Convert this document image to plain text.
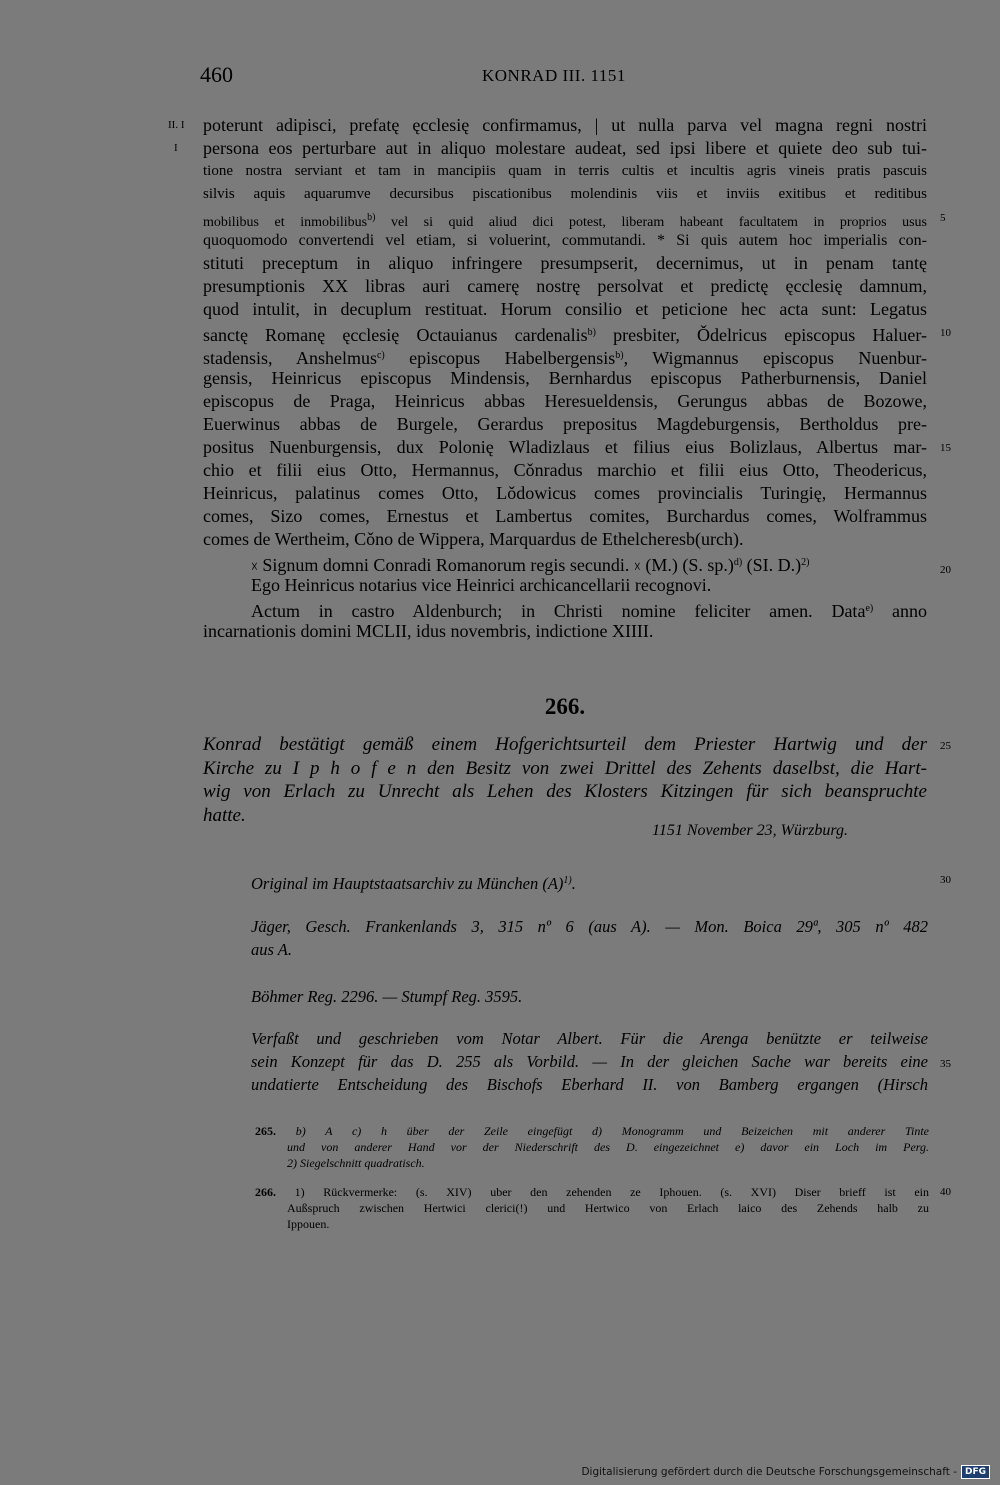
460	KONRAD III. 1151
II. I
I
5
10
15
20
25
30
35
40
poterunt adipisci, prefatę ęcclesię confirmamus, | ut nulla parva vel magna regni nostri
persona eos perturbare aut in aliquo molestare audeat, sed ipsi libere et quiete deo sub tui-
tione nostra serviant et tam in mancipiis quam in terris cultis et incultis agris vineis pratis pascuis
silvis aquis aquarumve decursibus piscationibus molendinis viis et inviis exitibus et reditibus
mobilibus et inmobilibus$^{b)}$ vel si quid aliud dici potest, liberam habeant facultatem in proprios usus
quoquomodo convertendi vel etiam, si voluerint, commutandi. * Si quis autem hoc imperialis con-
stituti preceptum in aliquo infringere presumpserit, decernimus, ut in penam tantę
presumptionis XX libras auri camerę nostrę persolvat et predictę ęcclesię damnum,
quod intulit, in decuplum restituat. Horum consilio et peticione hec acta sunt: Legatus
sanctę Romanę ęcclesię Octauianus cardenalis$^{b)}$ presbiter, Ǒdelricus episcopus Haluer-
stadensis, Anshelmus$^{c)}$ episcopus Habelbergensis$^{b)}$, Wigmannus episcopus Nuenbur-
gensis, Heinricus episcopus Mindensis, Bernhardus episcopus Patherburnensis, Daniel
episcopus de Praga, Heinricus abbas Heresueldensis, Gerungus abbas de Bozowe,
Euerwinus abbas de Burgele, Gerardus prepositus Magdeburgensis, Bertholdus pre-
positus Nuenburgensis, dux Polonię Wladizlaus et filius eius Bolizlaus, Albertus mar-
chio et filii eius Otto, Hermannus, Cǒnradus marchio et filii eius Otto, Theodericus,
Heinricus, palatinus comes Otto, Lǒdowicus comes provincialis Turingię, Hermannus
comes, Sizo comes, Ernestus et Lambertus comites, Burchardus comes, Wolframmus
comes de Wertheim, Cǒno de Wippera, Marquardus de Ethelcheresb(urch).
☓ Signum domni Conradi Romanorum regis secundi. ☓ (M.) (S. sp.)$^{d)}$ (SI. D.)$^{2)}$
Ego Heinricus notarius vice Heinrici archicancellarii recognovi.
Actum in castro Aldenburch; in Christi nomine feliciter amen. Data$^{e)}$ anno
incarnationis domini MCLII, idus novembris, indictione XIIII.
266.
Konrad bestätigt gemäß einem Hofgerichtsurteil dem Priester Hartwig und der
Kirche zu I p h o f e n den Besitz von zwei Drittel des Zehents daselbst, die Hart-
wig von Erlach zu Unrecht als Lehen des Klosters Kitzingen für sich beanspruchte
hatte.
1151 November 23, Würzburg.
Original im Hauptstaatsarchiv zu München $(A)^{1)}$.
Jäger, Gesch. Frankenlands 3, 315 nº 6 (aus A). — Mon. Boica 29ª, 305 nº 482
aus A.
Böhmer Reg. 2296. — Stumpf Reg. 3595.
Verfaßt und geschrieben vom Notar Albert. Für die Arenga benützte er teilweise
sein Konzept für das D. 255 als Vorbild. — In der gleichen Sache war bereits eine
undatierte Entscheidung des Bischofs Eberhard II. von Bamberg ergangen (Hirsch
265. b) A c) h über der Zeile eingefügt d) Monogramm und Beizeichen mit anderer Tinte
und von anderer Hand vor der Niederschrift des D. eingezeichnet e) davor ein Loch im Perg.
2) Siegelschnitt quadratisch.
266. 1) Rückvermerke: (s. XIV) uber den zehenden ze Iphouen. (s. XVI) Diser brieff ist ein
Außspruch zwischen Hertwici clerici(!) und Hertwico von Erlach laico des Zehends halb zu
Ippouen.
Digitalisierung gefördert durch die Deutsche Forschungsgemeinschaft - DFG
